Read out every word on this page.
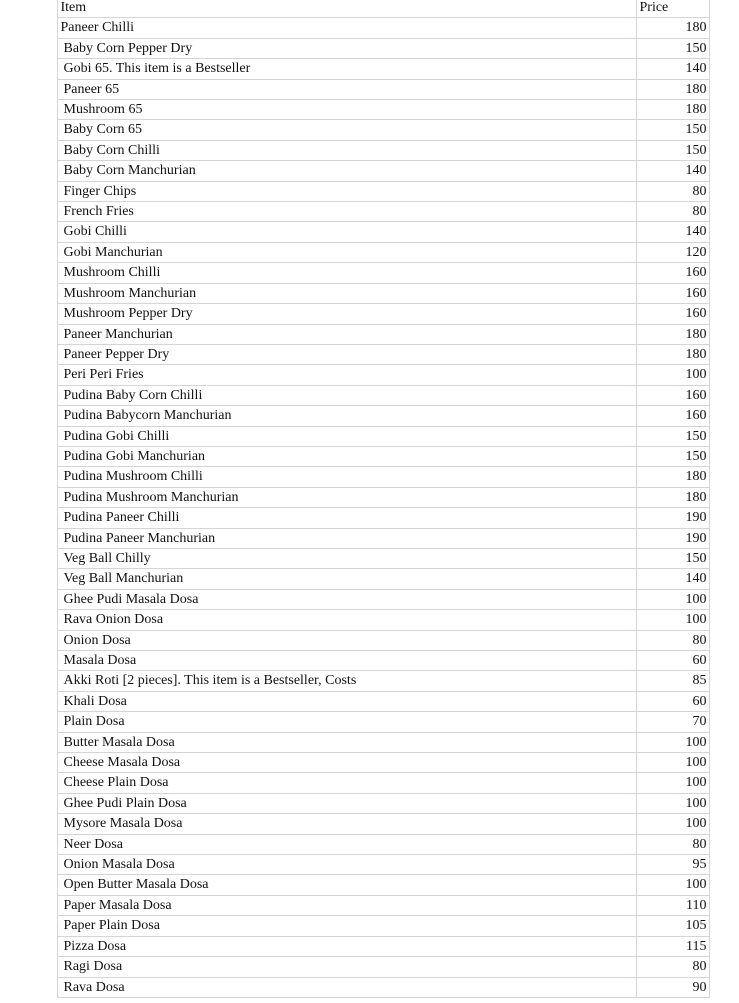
	Item	Price	
	Paneer Chilli	180	
	Baby Corn Pepper Dry	150	
	Gobi 65. This item is a Bestseller	140	
	Paneer 65	180	
	Mushroom 65	180	
	Baby Corn 65	150	
	Baby Corn Chilli	150	
	Baby Corn Manchurian	140	
	Finger Chips	80	
	French Fries	80	
	Gobi Chilli	140	
	Gobi Manchurian	120	
	Mushroom Chilli	160	
	Mushroom Manchurian	160	
	Mushroom Pepper Dry	160	
	Paneer Manchurian	180	
	Paneer Pepper Dry	180	
	Peri Peri Fries	100	
	Pudina Baby Corn Chilli	160	
	Pudina Babycorn Manchurian	160	
	Pudina Gobi Chilli	150	
	Pudina Gobi Manchurian	150	
	Pudina Mushroom Chilli	180	
	Pudina Mushroom Manchurian	180	
	Pudina Paneer Chilli	190	
	Pudina Paneer Manchurian	190	
	Veg Ball Chilly	150	
	Veg Ball Manchurian	140	
	Ghee Pudi Masala Dosa	100	
	Rava Onion Dosa	100	
	Onion Dosa	80	
	Masala Dosa	60	
	Akki Roti [2 pieces]. This item is a Bestseller, Costs	85	
	Khali Dosa	60	
	Plain Dosa	70	
	Butter Masala Dosa	100	
	Cheese Masala Dosa	100	
	Cheese Plain Dosa	100	
	Ghee Pudi Plain Dosa	100	
	Mysore Masala Dosa	100	
	Neer Dosa	80	
	Onion Masala Dosa	95	
	Open Butter Masala Dosa	100	
	Paper Masala Dosa	110	
	Paper Plain Dosa	105	
	Pizza Dosa	115	
	Ragi Dosa	80	
	Rava Dosa	90	
